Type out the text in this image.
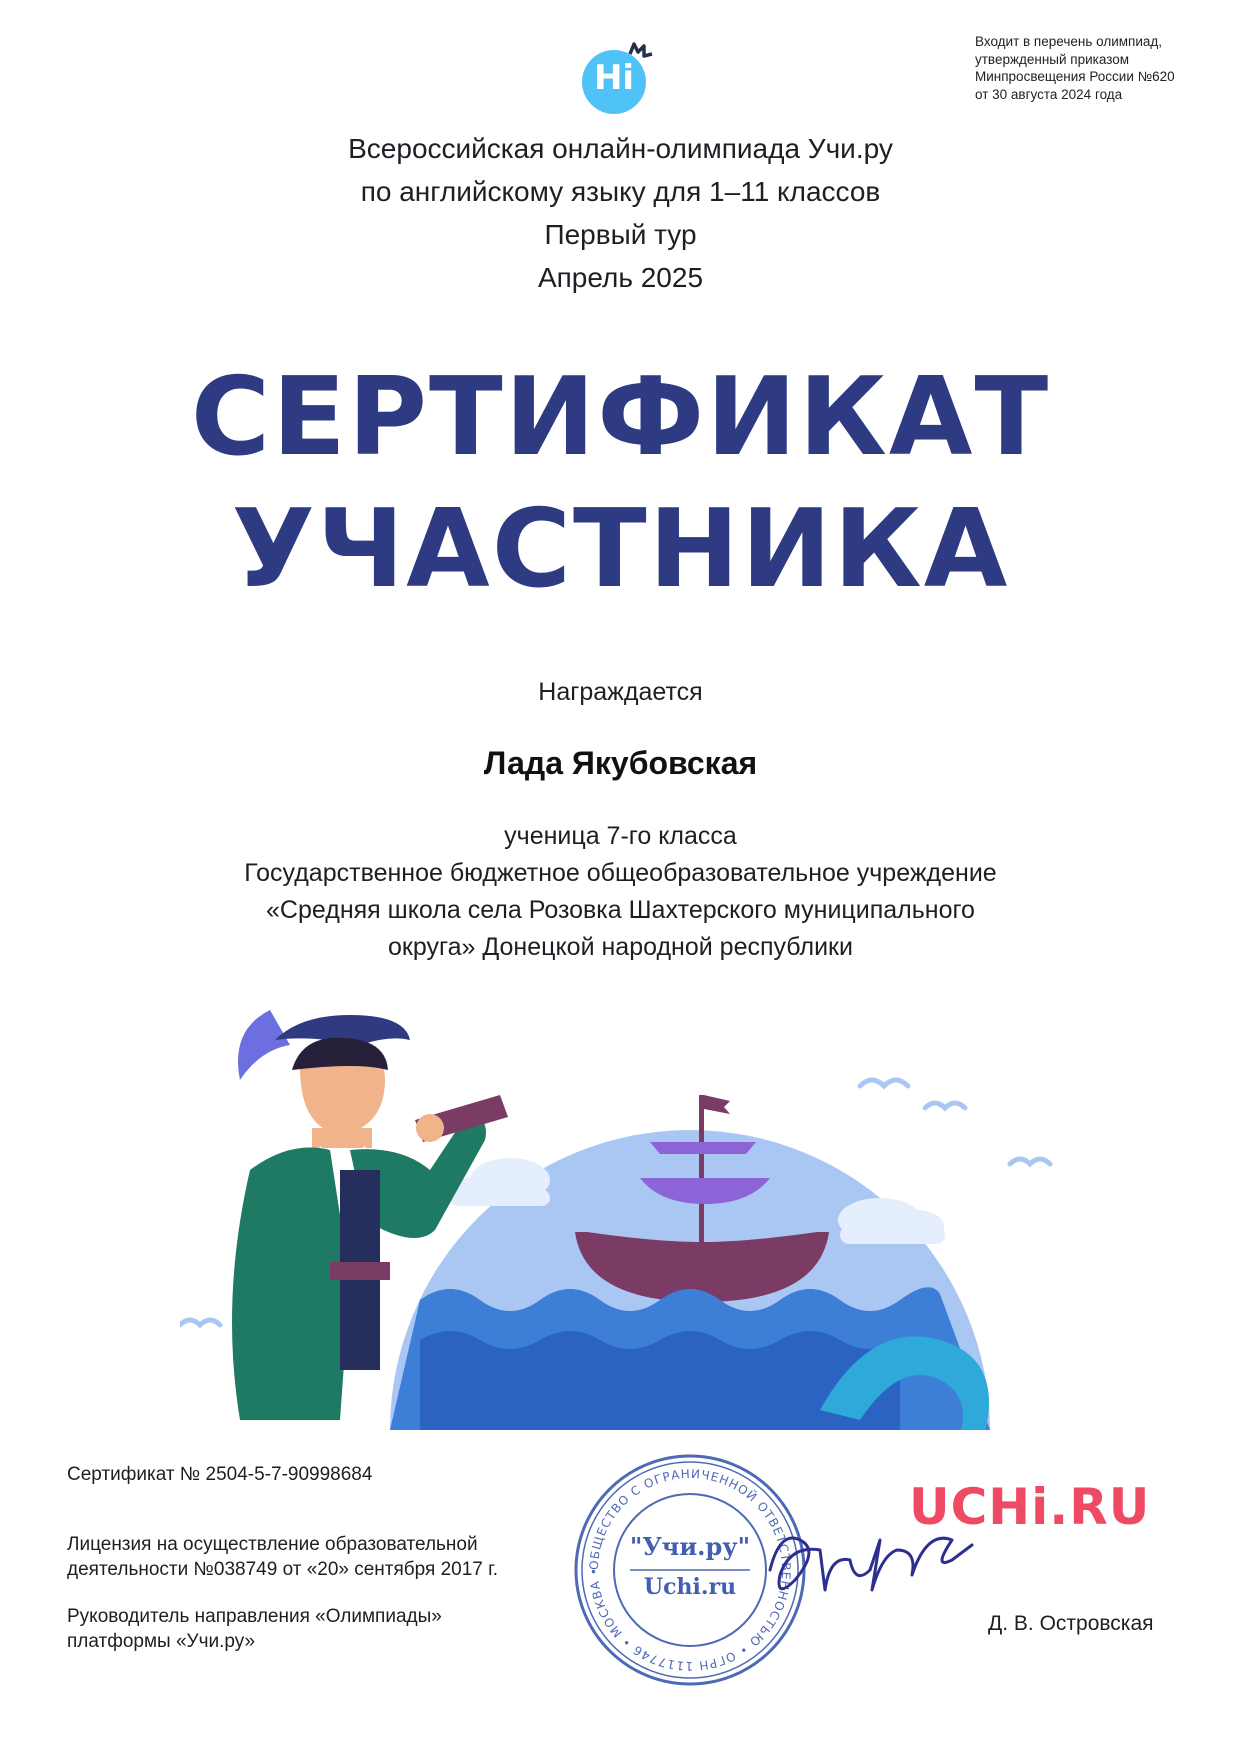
Hi
Входит в перечень олимпиад,
утвержденный приказом
Минпросвещения России №620
от 30 августа 2024 года
Всероссийская онлайн-олимпиада Учи.ру
по английскому языку для 1–11 классов
Первый тур
Апрель 2025
СЕРТИФИКАТ
УЧАСТНИКА
Награждается
Лада Якубовская
ученица 7-го класса
Государственное бюджетное общеобразовательное учреждение
«Средняя школа села Розовка Шахтерского муниципального
округа» Донецкой народной республики
Сертификат № 2504-5-7-90998684
Лицензия на осуществление образовательной
деятельности №038749 от «20» сентября 2017 г.
Руководитель направления «Олимпиады»
платформы «Учи.ру»
ОБЩЕСТВО С ОГРАНИЧЕННОЙ ОТВЕТСТВЕННОСТЬЮ • ОГРН 1117746 • МОСКВА •
"Учи.ру"
Uchi.ru
UCHi.RU
Д. В. Островская
